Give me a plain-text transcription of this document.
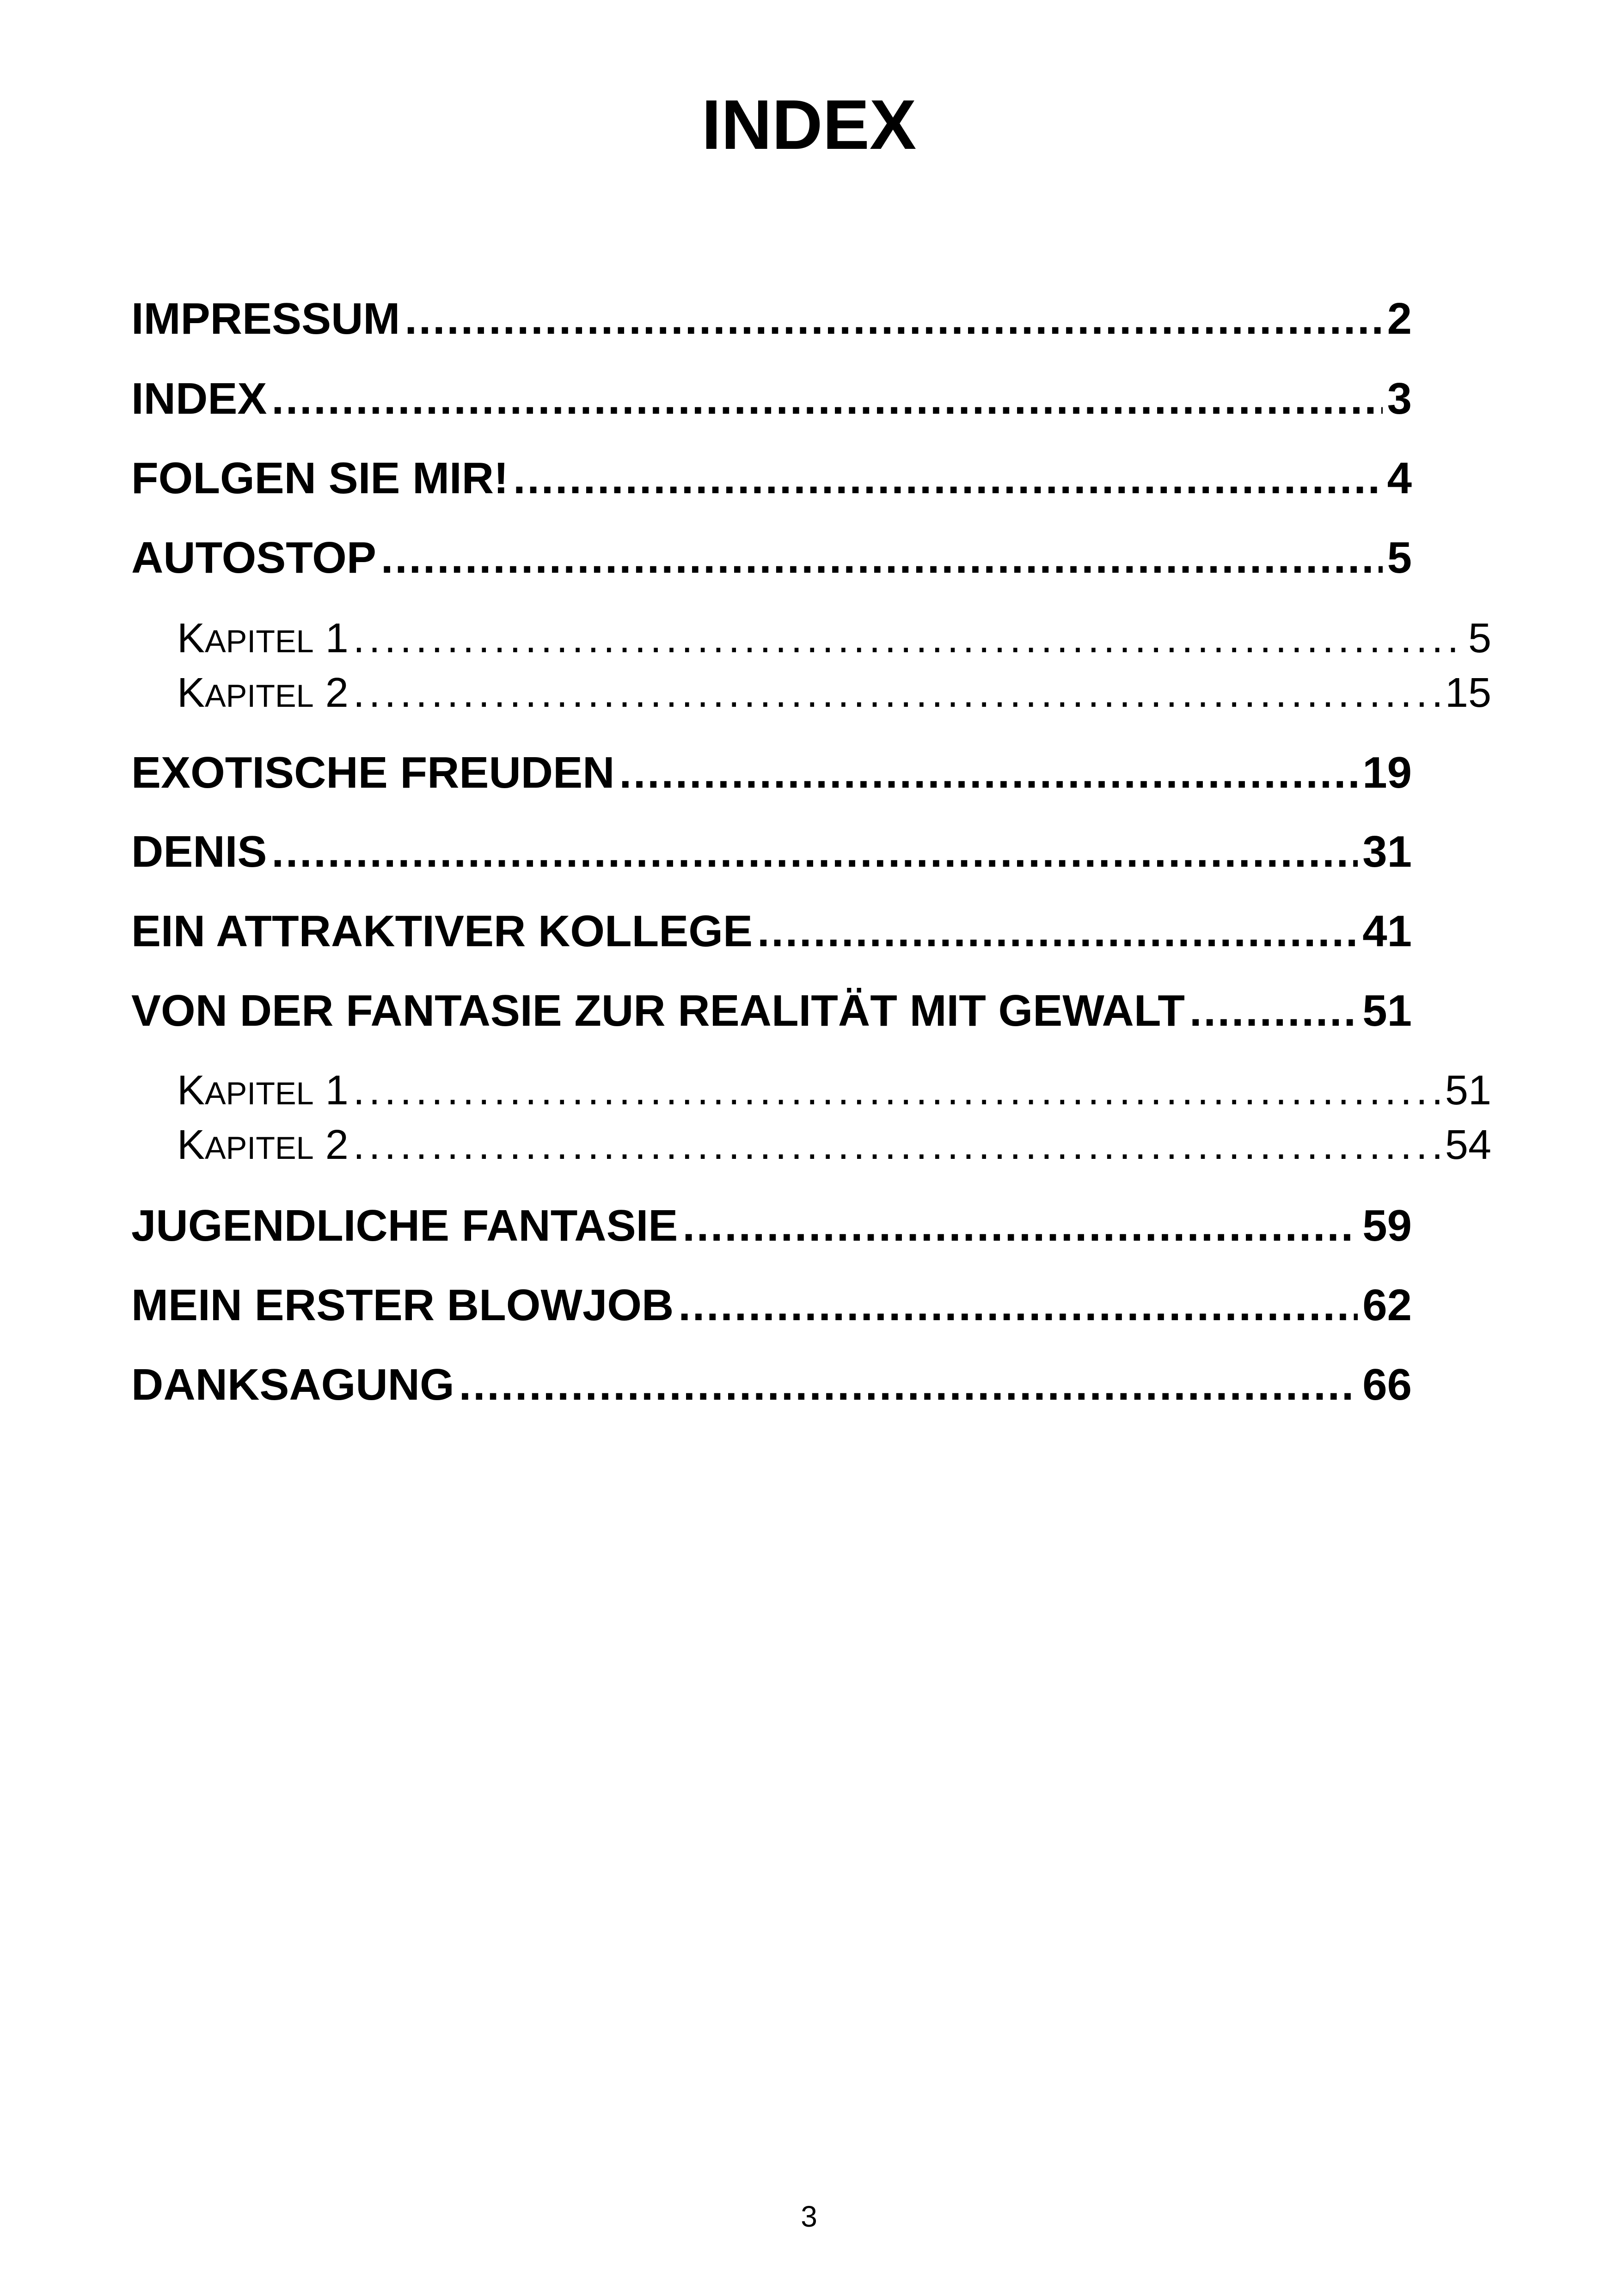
INDEX
IMPRESSUM . . .	2
INDEX . . .	3
FOLGEN SIE MIR! . . .	4
AUTOSTOP . . .	5
KAPITEL 1 . . .	5
KAPITEL 2 . . .	15
EXOTISCHE FREUDEN . . .	19
DENIS . . .	31
EIN ATTRAKTIVER KOLLEGE . . .	41
VON DER FANTASIE ZUR REALITÄT MIT GEWALT . . .	51
KAPITEL 1 . . .	51
KAPITEL 2 . . .	54
JUGENDLICHE FANTASIE . . .	59
MEIN ERSTER BLOWJOB . . .	62
DANKSAGUNG . . .	66
3
